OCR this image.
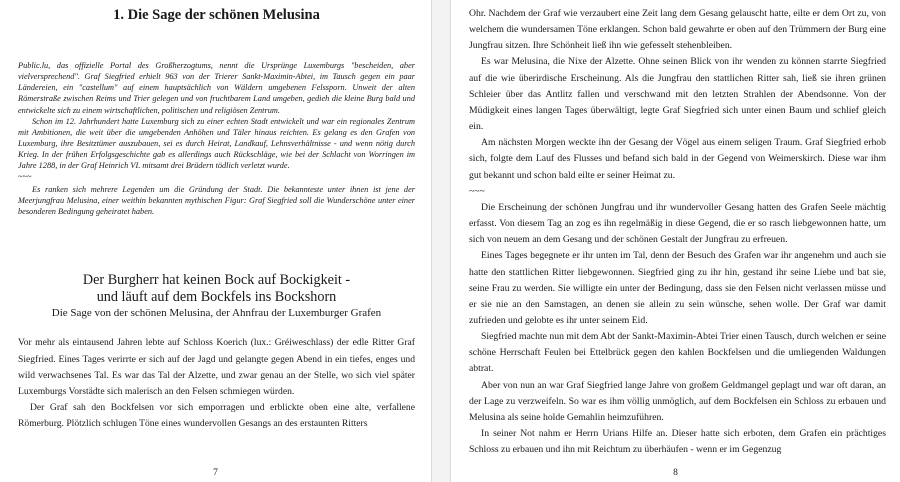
1. Die Sage der schönen Melusina

Public.lu, das offizielle Portal des Großherzogtums, nennt die Ursprünge Luxemburgs "bescheiden, aber vielversprechend". Graf Siegfried erhielt 963 von der Trierer Sankt-Maximin-Abtei, im Tausch gegen ein paar Ländereien, ein "castellum" auf einem hauptsächlich von Wäldern umgebenen Felssporn. Unweit der alten Römerstraße zwischen Reims und Trier gelegen und von fruchtbarem Land umgeben, gedieh die kleine Burg bald und entwickelte sich zu einem wirtschaftlichen, politischen und religiösen Zentrum.

Schon im 12. Jahrhundert hatte Luxemburg sich zu einer echten Stadt entwickelt und war ein regionales Zentrum mit Ambitionen, die weit über die umgebenden Anhöhen und Täler hinaus reichten. Es gelang es den Grafen von Luxemburg, ihre Besitztümer auszubauen, sei es durch Heirat, Landkauf, Lehnsverhältnisse - und wenn nötig durch Krieg. In der frühen Erfolgsgeschichte gab es allerdings auch Rückschläge, wie bei der Schlacht von Worringen im Jahre 1288, in der Graf Heinrich VI. mitsamt drei Brüdern tödlich verletzt wurde.

~~~

Es ranken sich mehrere Legenden um die Gründung der Stadt. Die bekannteste unter ihnen ist jene der Meerjungfrau Melusina, einer weithin bekannten mythischen Figur: Graf Siegfried soll die Wunderschöne unter einer besonderen Bedingung geheiratet haben.

Der Burgherr hat keinen Bock auf Bockigkeit -
und läuft auf dem Bockfels ins Bockshorn
Die Sage von der schönen Melusina, der Ahnfrau der Luxemburger Grafen

Vor mehr als eintausend Jahren lebte auf Schloss Koerich (lux.: Gréiweschlass) der edle Ritter Graf Siegfried. Eines Tages verirrte er sich auf der Jagd und gelangte gegen Abend in ein tiefes, enges und wild verwachsenes Tal. Es war das Tal der Alzette, und zwar genau an der Stelle, wo sich viel später Luxemburgs Vorstädte sich malerisch an den Felsen schmiegen würden.

Der Graf sah den Bockfelsen vor sich emporragen und erblickte oben eine alte, verfallene Römerburg. Plötzlich schlugen Töne eines wundervollen Gesangs an des erstaunten Ritters

7

Ohr. Nachdem der Graf wie verzaubert eine Zeit lang dem Gesang gelauscht hatte, eilte er dem Ort zu, von welchem die wundersamen Töne erklangen. Schon bald gewahrte er oben auf den Trümmern der Burg eine Jungfrau sitzen. Ihre Schönheit ließ ihn wie gefesselt stehenbleiben.

Es war Melusina, die Nixe der Alzette. Ohne seinen Blick von ihr wenden zu können starrte Siegfried auf die wie überirdische Erscheinung. Als die Jungfrau den stattlichen Ritter sah, ließ sie ihren grünen Schleier über das Antlitz fallen und verschwand mit den letzten Strahlen der Abendsonne. Von der Müdigkeit eines langen Tages überwältigt, legte Graf Siegfried sich unter einen Baum und schlief gleich ein.

Am nächsten Morgen weckte ihn der Gesang der Vögel aus einem seligen Traum. Graf Siegfried erhob sich, folgte dem Lauf des Flusses und befand sich bald in der Gegend von Weimerskirch. Diese war ihm gut bekannt und schon bald eilte er seiner Heimat zu.

~~~

Die Erscheinung der schönen Jungfrau und ihr wundervoller Gesang hatten des Grafen Seele mächtig erfasst. Von diesem Tag an zog es ihn regelmäßig in diese Gegend, die er so rasch liebgewonnen hatte, um sich von neuem an dem Gesang und der schönen Gestalt der Jungfrau zu erfreuen.

Eines Tages begegnete er ihr unten im Tal, denn der Besuch des Grafen war ihr angenehm und auch sie hatte den stattlichen Ritter liebgewonnen. Siegfried ging zu ihr hin, gestand ihr seine Liebe und bat sie, seine Frau zu werden. Sie willigte ein unter der Bedingung, dass sie den Felsen nicht verlassen müsse und er sie nie an den Samstagen, an denen sie allein zu sein wünsche, sehen wolle. Der Graf war damit zufrieden und gelobte es ihr unter seinem Eid.

Siegfried machte nun mit dem Abt der Sankt-Maximin-Abtei Trier einen Tausch, durch welchen er seine schöne Herrschaft Feulen bei Ettelbrück gegen den kahlen Bockfelsen und die umliegenden Waldungen abtrat.

Aber von nun an war Graf Siegfried lange Jahre von großem Geldmangel geplagt und war oft daran, an der Lage zu verzweifeln. So war es ihm völlig unmöglich, auf dem Bockfelsen ein Schloss zu erbauen und Melusina als seine holde Gemahlin heimzuführen.

In seiner Not nahm er Herrn Urians Hilfe an. Dieser hatte sich erboten, dem Grafen ein prächtiges Schloss zu erbauen und ihn mit Reichtum zu überhäufen - wenn er im Gegenzug

8
